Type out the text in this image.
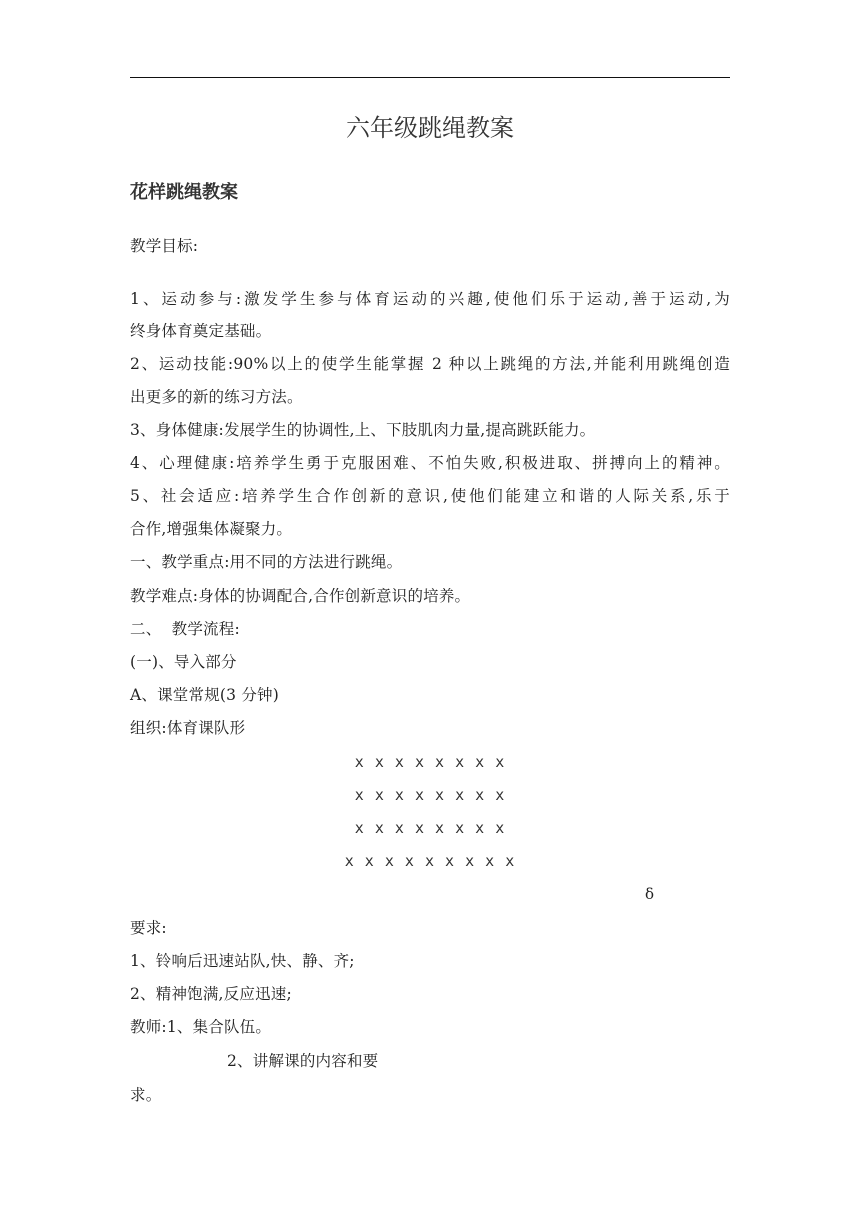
六年级跳绳教案
花样跳绳教案
教学目标:
1、运动参与:激发学生参与体育运动的兴趣,使他们乐于运动,善于运动,为
终身体育奠定基础。
2、运动技能:90%以上的使学生能掌握 2 种以上跳绳的方法,并能利用跳绳创造
出更多的新的练习方法。
3、身体健康:发展学生的协调性,上、下肢肌肉力量,提高跳跃能力。
4、心理健康:培养学生勇于克服困难、不怕失败,积极进取、拼搏向上的精神。
5、社会适应:培养学生合作创新的意识,使他们能建立和谐的人际关系,乐于
合作,增强集体凝聚力。
一、教学重点:用不同的方法进行跳绳。
教学难点:身体的协调配合,合作创新意识的培养。
二、  教学流程:
(一)、导入部分
A、课堂常规(3 分钟)
组织:体育课队形
x x x x x x x x
x x x x x x x x
x x x x x x x x
x x x x x x x x x
δ
要求:
1、铃响后迅速站队,快、静、齐;
2、精神饱满,反应迅速;
教师:1、集合队伍。
2、讲解课的内容和要
求。
